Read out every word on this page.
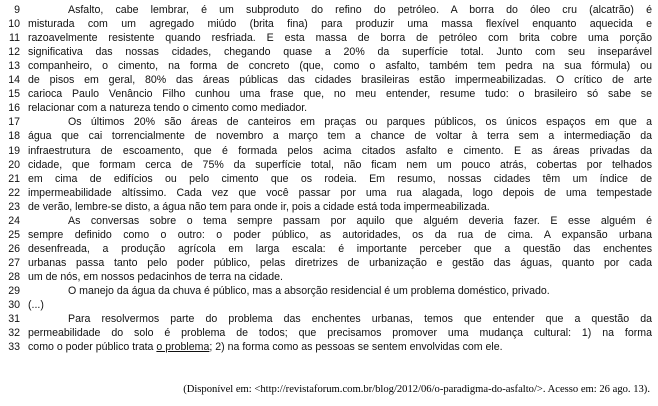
9	Asfalto, cabe lembrar, é um subproduto do refino do petróleo. A borra do óleo cru (alcatrão) é
10 misturada com um agregado miúdo (brita fina) para produzir uma massa flexível enquanto aquecida e
11 razoavelmente resistente quando resfriada. E esta massa de borra de petróleo com brita cobre uma porção
12 significativa das nossas cidades, chegando quase a 20% da superfície total. Junto com seu inseparável
13 companheiro, o cimento, na forma de concreto (que, como o asfalto, também tem pedra na sua fórmula) ou
14 de pisos em geral, 80% das áreas públicas das cidades brasileiras estão impermeabilizadas. O crítico de arte
15 carioca Paulo Venâncio Filho cunhou uma frase que, no meu entender, resume tudo: o brasileiro só sabe se
16 relacionar com a natureza tendo o cimento como mediador.
17	Os últimos 20% são áreas de canteiros em praças ou parques públicos, os únicos espaços em que a
18 água que cai torrencialmente de novembro a março tem a chance de voltar à terra sem a intermediação da
19 infraestrutura de escoamento, que é formada pelos acima citados asfalto e cimento. E as áreas privadas da
20 cidade, que formam cerca de 75% da superfície total, não ficam nem um pouco atrás, cobertas por telhados
21 em cima de edifícios ou pelo cimento que os rodeia. Em resumo, nossas cidades têm um índice de
22 impermeabilidade altíssimo. Cada vez que você passar por uma rua alagada, logo depois de uma tempestade
23 de verão, lembre-se disto, a água não tem para onde ir, pois a cidade está toda impermeabilizada.
24	As conversas sobre o tema sempre passam por aquilo que alguém deveria fazer. E esse alguém é
25 sempre definido como o outro: o poder público, as autoridades, os da rua de cima. A expansão urbana
26 desenfreada, a produção agrícola em larga escala: é importante perceber que a questão das enchentes
27 urbanas passa tanto pelo poder público, pelas diretrizes de urbanização e gestão das águas, quanto por cada
28 um de nós, em nossos pedacinhos de terra na cidade.
29	O manejo da água da chuva é público, mas a absorção residencial é um problema doméstico, privado.
30 (...)
31	Para resolvermos parte do problema das enchentes urbanas, temos que entender que a questão da
32 permeabilidade do solo é problema de todos; que precisamos promover uma mudança cultural: 1) na forma
33 como o poder público trata o problema; 2) na forma como as pessoas se sentem envolvidas com ele.
(Disponível em: <http://revistaforum.com.br/blog/2012/06/o-paradigma-do-asfalto/>. Acesso em: 26 ago. 13).
